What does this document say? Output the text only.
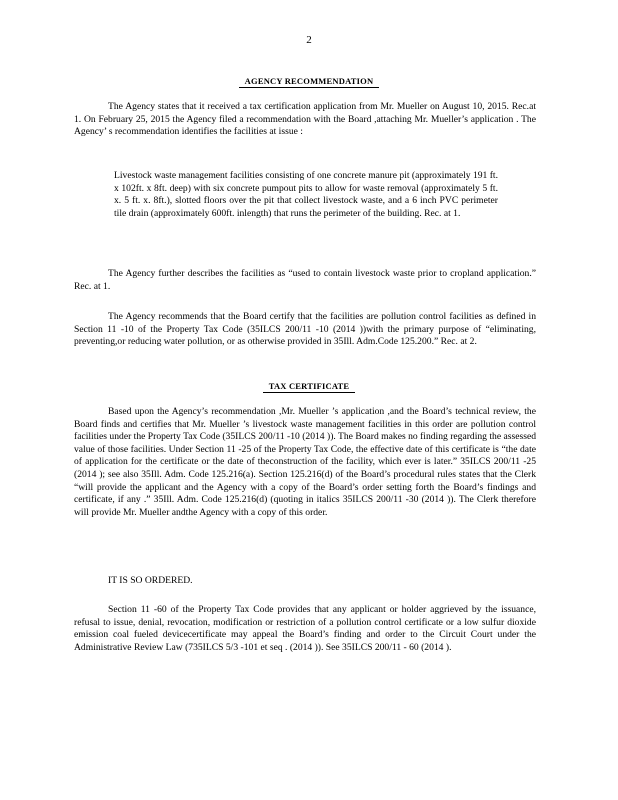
2
AGENCY RECOMMENDATION

The Agency states that it received a tax certification application from Mr. Mueller on August 10, 2015. Rec.at 1. On February 25, 2015 the Agency filed a recommendation with the Board ,attaching Mr. Mueller’s application . The Agency’ s recommendation identifies the facilities at issue :

Livestock waste management facilities consisting of one concrete manure pit (approximately 191 ft. x 102ft. x 8ft. deep) with six concrete pumpout pits to allow for waste removal (approximately 5 ft. x. 5 ft. x. 8ft.), slotted floors over the pit that collect livestock waste, and a 6 inch PVC perimeter tile drain (approximately 600ft. inlength) that runs the perimeter of the building. Rec. at 1.

The Agency further describes the facilities as “used to contain livestock waste prior to cropland application.” Rec. at 1.

The Agency recommends that the Board certify that the facilities are pollution control facilities as defined in Section 11 -10 of the Property Tax Code (35ILCS 200/11 -10 (2014 ))with the primary purpose of “eliminating, preventing,or reducing water pollution, or as otherwise provided in 35Ill. Adm.Code 125.200.” Rec. at 2.

TAX CERTIFICATE

Based upon the Agency’s recommendation ,Mr. Mueller ’s application ,and the Board’s technical review, the Board finds and certifies that Mr. Mueller ’s livestock waste management facilities in this order are pollution control facilities under the Property Tax Code (35ILCS 200/11 -10 (2014 )). The Board makes no finding regarding the assessed value of those facilities. Under Section 11 -25 of the Property Tax Code, the effective date of this certificate is “the date of application for the certificate or the date of theconstruction of the facility, which ever is later.” 35ILCS 200/11 -25 (2014 ); see also 35Ill. Adm. Code 125.216(a). Section 125.216(d) of the Board’s procedural rules states that the Clerk “will provide the applicant and the Agency with a copy of the Board’s order setting forth the Board’s findings and certificate, if any .” 35Ill. Adm. Code 125.216(d) (quoting in italics 35ILCS 200/11 -30 (2014 )). The Clerk therefore will provide Mr. Mueller andthe Agency with a copy of this order.

IT IS SO ORDERED.

Section 11 -60 of the Property Tax Code provides that any applicant or holder aggrieved by the issuance, refusal to issue, denial, revocation, modification or restriction of a pollution control certificate or a low sulfur dioxide emission coal fueled devicecertificate may appeal the Board’s finding and order to the Circuit Court under the Administrative Review Law (735ILCS 5/3 -101 et seq . (2014 )). See 35ILCS 200/11 - 60 (2014 ).
